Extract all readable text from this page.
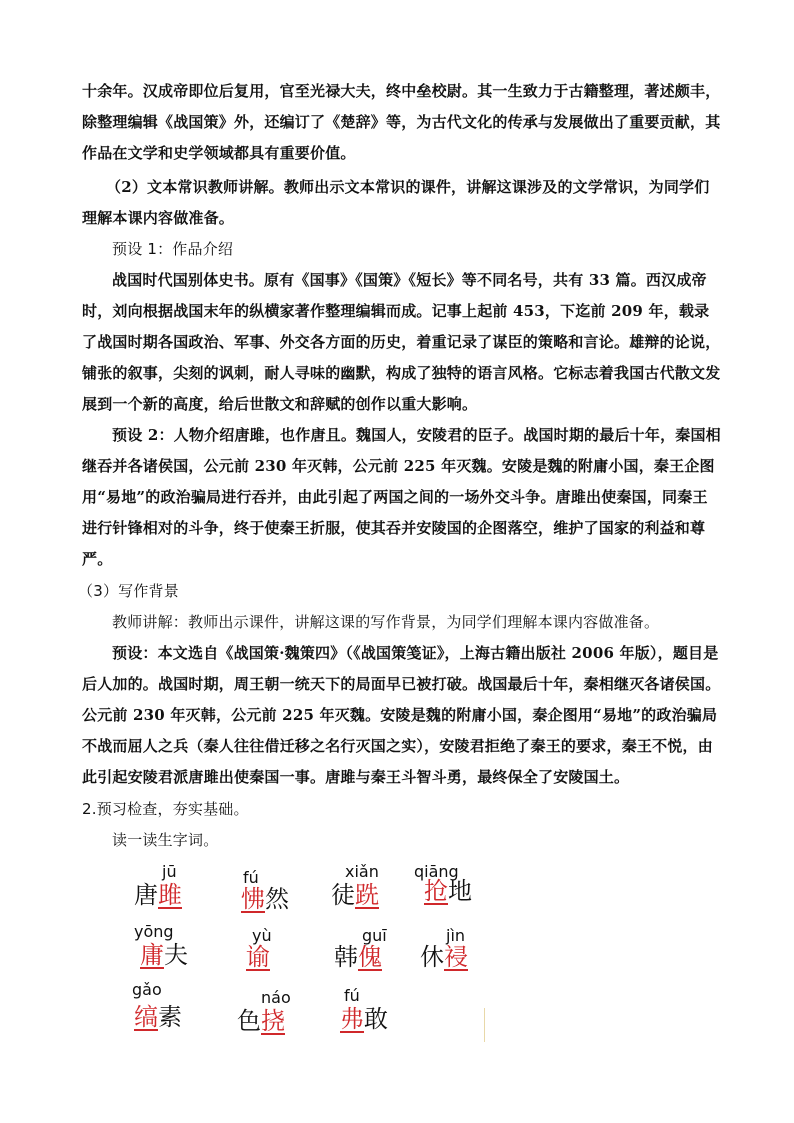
十余年。汉成帝即位后复用，官至光禄大夫，终中垒校尉。其一生致力于古籍整理，著述颇丰，除整理编辑《战国策》外，还编订了《楚辞》等，为古代文化的传承与发展做出了重要贡献，其作品在文学和史学领域都具有重要价值。

（2）文本常识教师讲解。教师出示文本常识的课件，讲解这课涉及的文学常识，为同学们理解本课内容做准备。

预设 1：作品介绍

战国时代国别体史书。原有《国事》《国策》《短长》等不同名号，共有 33 篇。西汉成帝时，刘向根据战国末年的纵横家著作整理编辑而成。记事上起前 453，下迄前 209 年，载录了战国时期各国政治、军事、外交各方面的历史，着重记录了谋臣的策略和言论。雄辩的论说，铺张的叙事，尖刻的讽刺，耐人寻味的幽默，构成了独特的语言风格。它标志着我国古代散文发展到一个新的高度，给后世散文和辞赋的创作以重大影响。

预设 2：人物介绍唐雎，也作唐且。魏国人，安陵君的臣子。战国时期的最后十年，秦国相继吞并各诸侯国，公元前 230 年灭韩，公元前 225 年灭魏。安陵是魏的附庸小国，秦王企图用“易地”的政治骗局进行吞并，由此引起了两国之间的一场外交斗争。唐雎出使秦国，同秦王进行针锋相对的斗争，终于使秦王折服，使其吞并安陵国的企图落空，维护了国家的利益和尊严。

（3）写作背景

教师讲解：教师出示课件，讲解这课的写作背景，为同学们理解本课内容做准备。

预设：本文选自《战国策·魏策四》（《战国策笺证》，上海古籍出版社 2006 年版），题目是后人加的。战国时期，周王朝一统天下的局面早已被打破。战国最后十年，秦相继灭各诸侯国。公元前 230 年灭韩，公元前 225 年灭魏。安陵是魏的附庸小国，秦企图用“易地”的政治骗局不战而屈人之兵（秦人往往借迁移之名行灭国之实），安陵君拒绝了秦王的要求，秦王不悦，由此引起安陵君派唐雎出使秦国一事。唐雎与秦王斗智斗勇，最终保全了安陵国土。

2.预习检查，夯实基础。

读一读生字词。

jū
唐雎
fú
怫然
xiǎn
徒跣
qiāng
抢地
yōng
庸夫
yù
谕
guī
韩傀
jìn
休祲
gǎo
缟素
náo
色挠
fú
弗敢
